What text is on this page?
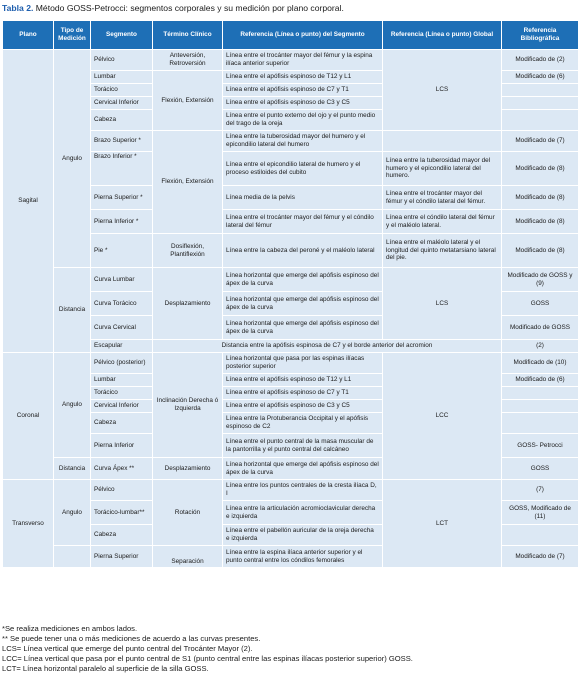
Tabla 2. Método GOSS-Petrocci: segmentos corporales y su medición por plano corporal.
Plano	Tipo de Medición	Segmento	Término Clínico	Referencia (Línea o punto) del Segmento	Referencia (Línea o punto) Global	Referencia Bibliográfica
Sagital	Angulo	Pélvico	Anteversión, Retroversión	Línea entre el trocánter mayor del fémur y la espina ilíaca anterior superior	LCS	Modificado de (2)
		Lumbar	Flexión, Extensión	Línea entre el apófisis espinoso de T12 y L1		Modificado de (6)
		Torácico		Línea entre el apófisis espinoso de C7 y T1		
		Cervical Inferior		Línea entre el apófisis espinoso de C3 y C5		
		Cabeza		Línea entre el punto externo del ojo y el punto medio del trago de la oreja		
		Brazo Superior *	Flexión, Extensión	Línea entre la tuberosidad mayor del humero y el epicondilio lateral del humero		Modificado de (7)
		Brazo Inferior *		Línea entre el epicondilio lateral de humero y el proceso estiloides del cubito	Línea entre la tuberosidad mayor del humero y el epicondilio lateral del humero.	Modificado de (8)
		Pierna Superior *		Línea media de la pelvis	Línea entre el trocánter mayor del fémur y el cóndilo lateral del fémur.	Modificado de (8)
		Pierna Inferior *		Línea entre el trocánter mayor del fémur y el cóndilo lateral del fémur	Línea entre el cóndilo lateral del fémur y el maléolo lateral.	Modificado de (8)
		Pie *	Dosiflexión, Plantiflexión	Línea entre la cabeza del peroné y el maléolo lateral	Línea entre el maléolo lateral y el longitud del quinto metatarsiano lateral del pie.	Modificado de (8)
	Distancia	Curva Lumbar	Desplazamiento	Línea horizontal que emerge del apófisis espinoso del ápex de la curva	LCS	Modificado de GOSS y (9)
		Curva Torácico		Línea horizontal que emerge del apófisis espinoso del ápex de la curva		GOSS
		Curva Cervical		Línea horizontal que emerge del apófisis espinoso del ápex de la curva		Modificado de GOSS
		Escapular	Distancia entre la apófisis espinosa de C7 y el borde anterior del acromion			(2)
Coronal	Angulo	Pélvico (posterior)	Inclinación Derecha ó Izquierda	Línea horizontal que pasa por las espinas ilíacas posterior superior	LCC	Modificado de (10)
		Lumbar		Línea entre el apófisis espinoso de T12 y L1		Modificado de (6)
		Torácico		Línea entre el apófisis espinoso de C7 y T1		
		Cervical Inferior		Línea entre el apófisis espinoso de C3 y C5		
		Cabeza		Línea entre la Protuberancia Occipital y el apófisis espinoso de C2		
		Pierna Inferior		Línea entre el punto central de la masa muscular de la pantorrilla y el punto central del calcáneo		GOSS- Petrocci
	Distancia	Curva Ápex **	Desplazamiento	Línea horizontal que emerge del apófisis espinoso del ápex de la curva		GOSS
Transverso	Angulo	Pélvico	Rotación	Línea entre los puntos centrales de la cresta ilíaca D, I	LCT	(7)
		Torácico-lumbar**		Línea entre la articulación acromioclavicular derecha e izquierda		GOSS, Modificado de (11)
		Cabeza		Línea entre el pabellón auricular de la oreja derecha e izquierda		
		Pierna Superior	Separación	Línea entre la espina ilíaca anterior superior y el punto central entre los cóndilos femorales		Modificado de (7)
*Se realiza mediciones en ambos lados.
** Se puede tener una o más mediciones de acuerdo a las curvas presentes.
LCS= Línea vertical que emerge del punto central del Trocánter Mayor (2).
LCC= Línea vertical que pasa por el punto central de S1 (punto central entre las espinas ilíacas posterior superior) GOSS.
LCT= Línea horizontal paralelo al superficie de la silla GOSS.
